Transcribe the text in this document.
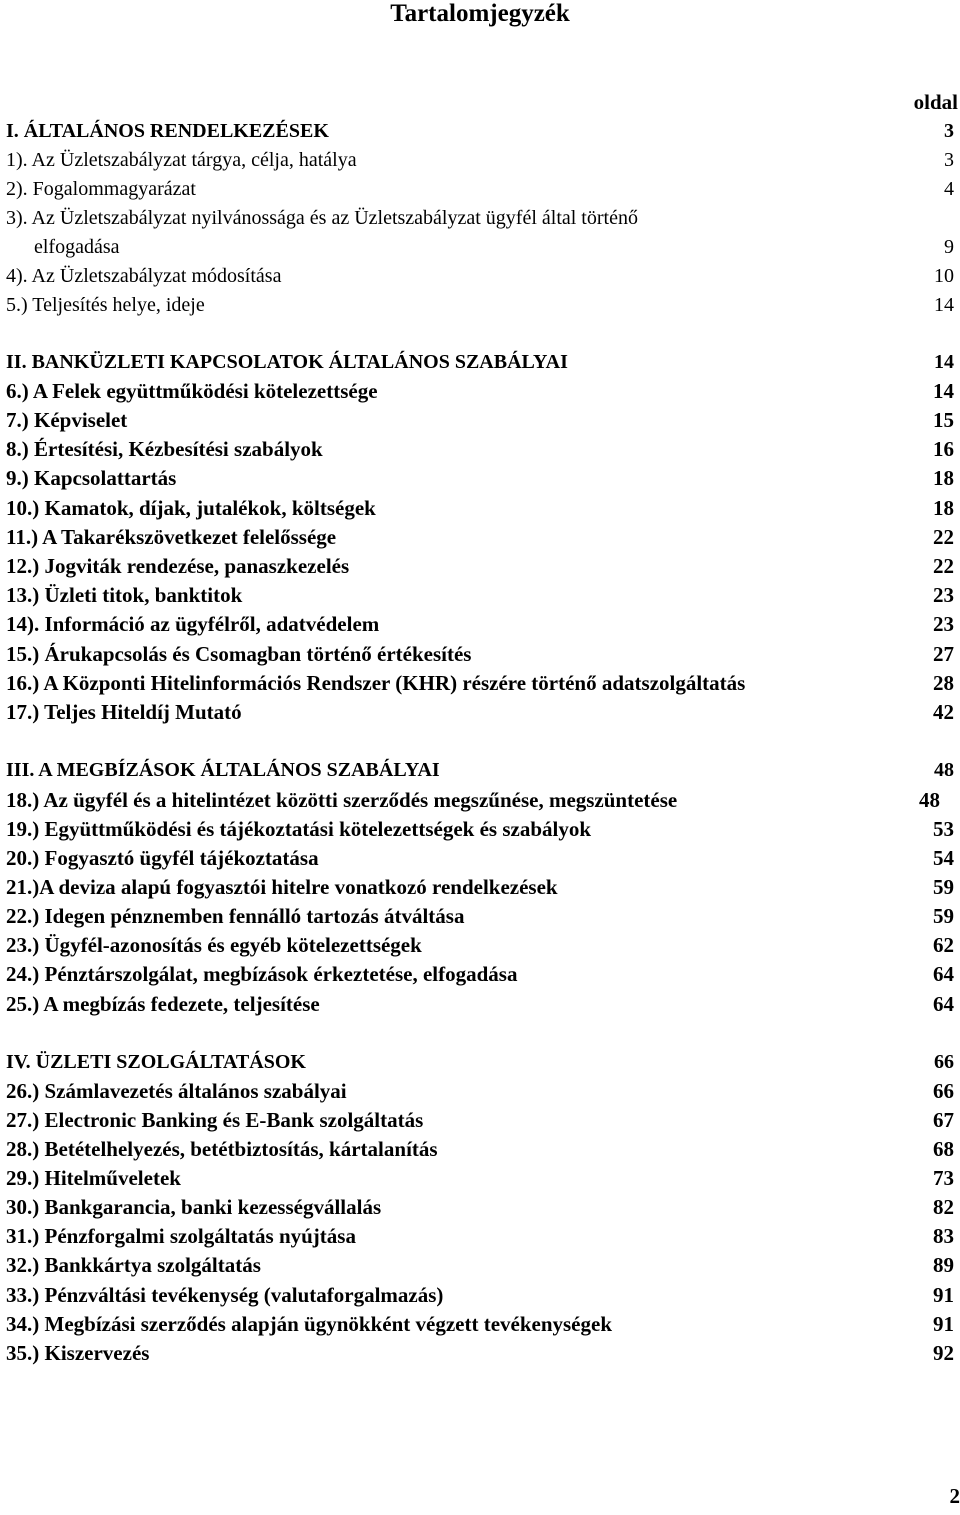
Tartalomjegyzék
oldal
I. ÁLTALÁNOS RENDELKEZÉSEK	3
1). Az Üzletszabályzat tárgya, célja, hatálya	3
2). Fogalommagyarázat	4
3). Az Üzletszabályzat nyilvánossága és az Üzletszabályzat ügyfél által történő
elfogadása	9
4). Az Üzletszabályzat módosítása	10
5.) Teljesítés helye, ideje	14
II. BANKÜZLETI KAPCSOLATOK ÁLTALÁNOS SZABÁLYAI	14
6.) A Felek együttműködési kötelezettsége	14
7.) Képviselet	15
8.) Értesítési, Kézbesítési szabályok	16
9.) Kapcsolattartás	18
10.) Kamatok, díjak, jutalékok, költségek	18
11.) A Takarékszövetkezet felelőssége	22
12.) Jogviták rendezése, panaszkezelés	22
13.) Üzleti titok, banktitok	23
14). Információ az ügyfélről, adatvédelem	23
15.) Árukapcsolás és Csomagban történő értékesítés	27
16.) A Központi Hitelinformációs Rendszer (KHR) részére történő adatszolgáltatás	28
17.) Teljes Hiteldíj Mutató	42
III. A MEGBÍZÁSOK ÁLTALÁNOS SZABÁLYAI	48
18.) Az ügyfél és a hitelintézet közötti szerződés megszűnése, megszüntetése	48
19.) Együttműködési és tájékoztatási kötelezettségek és szabályok	53
20.) Fogyasztó ügyfél tájékoztatása	54
21.)A deviza alapú fogyasztói hitelre vonatkozó rendelkezések	59
22.) Idegen pénznemben fennálló tartozás átváltása	59
23.) Ügyfél-azonosítás és egyéb kötelezettségek	62
24.) Pénztárszolgálat, megbízások érkeztetése, elfogadása	64
25.) A megbízás fedezete, teljesítése	64
IV. ÜZLETI SZOLGÁLTATÁSOK	66
26.) Számlavezetés általános szabályai	66
27.) Electronic Banking és E-Bank szolgáltatás	67
28.) Betételhelyezés, betétbiztosítás, kártalanítás	68
29.) Hitelműveletek	73
30.) Bankgarancia, banki kezességvállalás	82
31.) Pénzforgalmi szolgáltatás nyújtása	83
32.) Bankkártya szolgáltatás	89
33.) Pénzváltási tevékenység (valutaforgalmazás)	91
34.) Megbízási szerződés alapján ügynökként végzett tevékenységek	91
35.) Kiszervezés	92
2
